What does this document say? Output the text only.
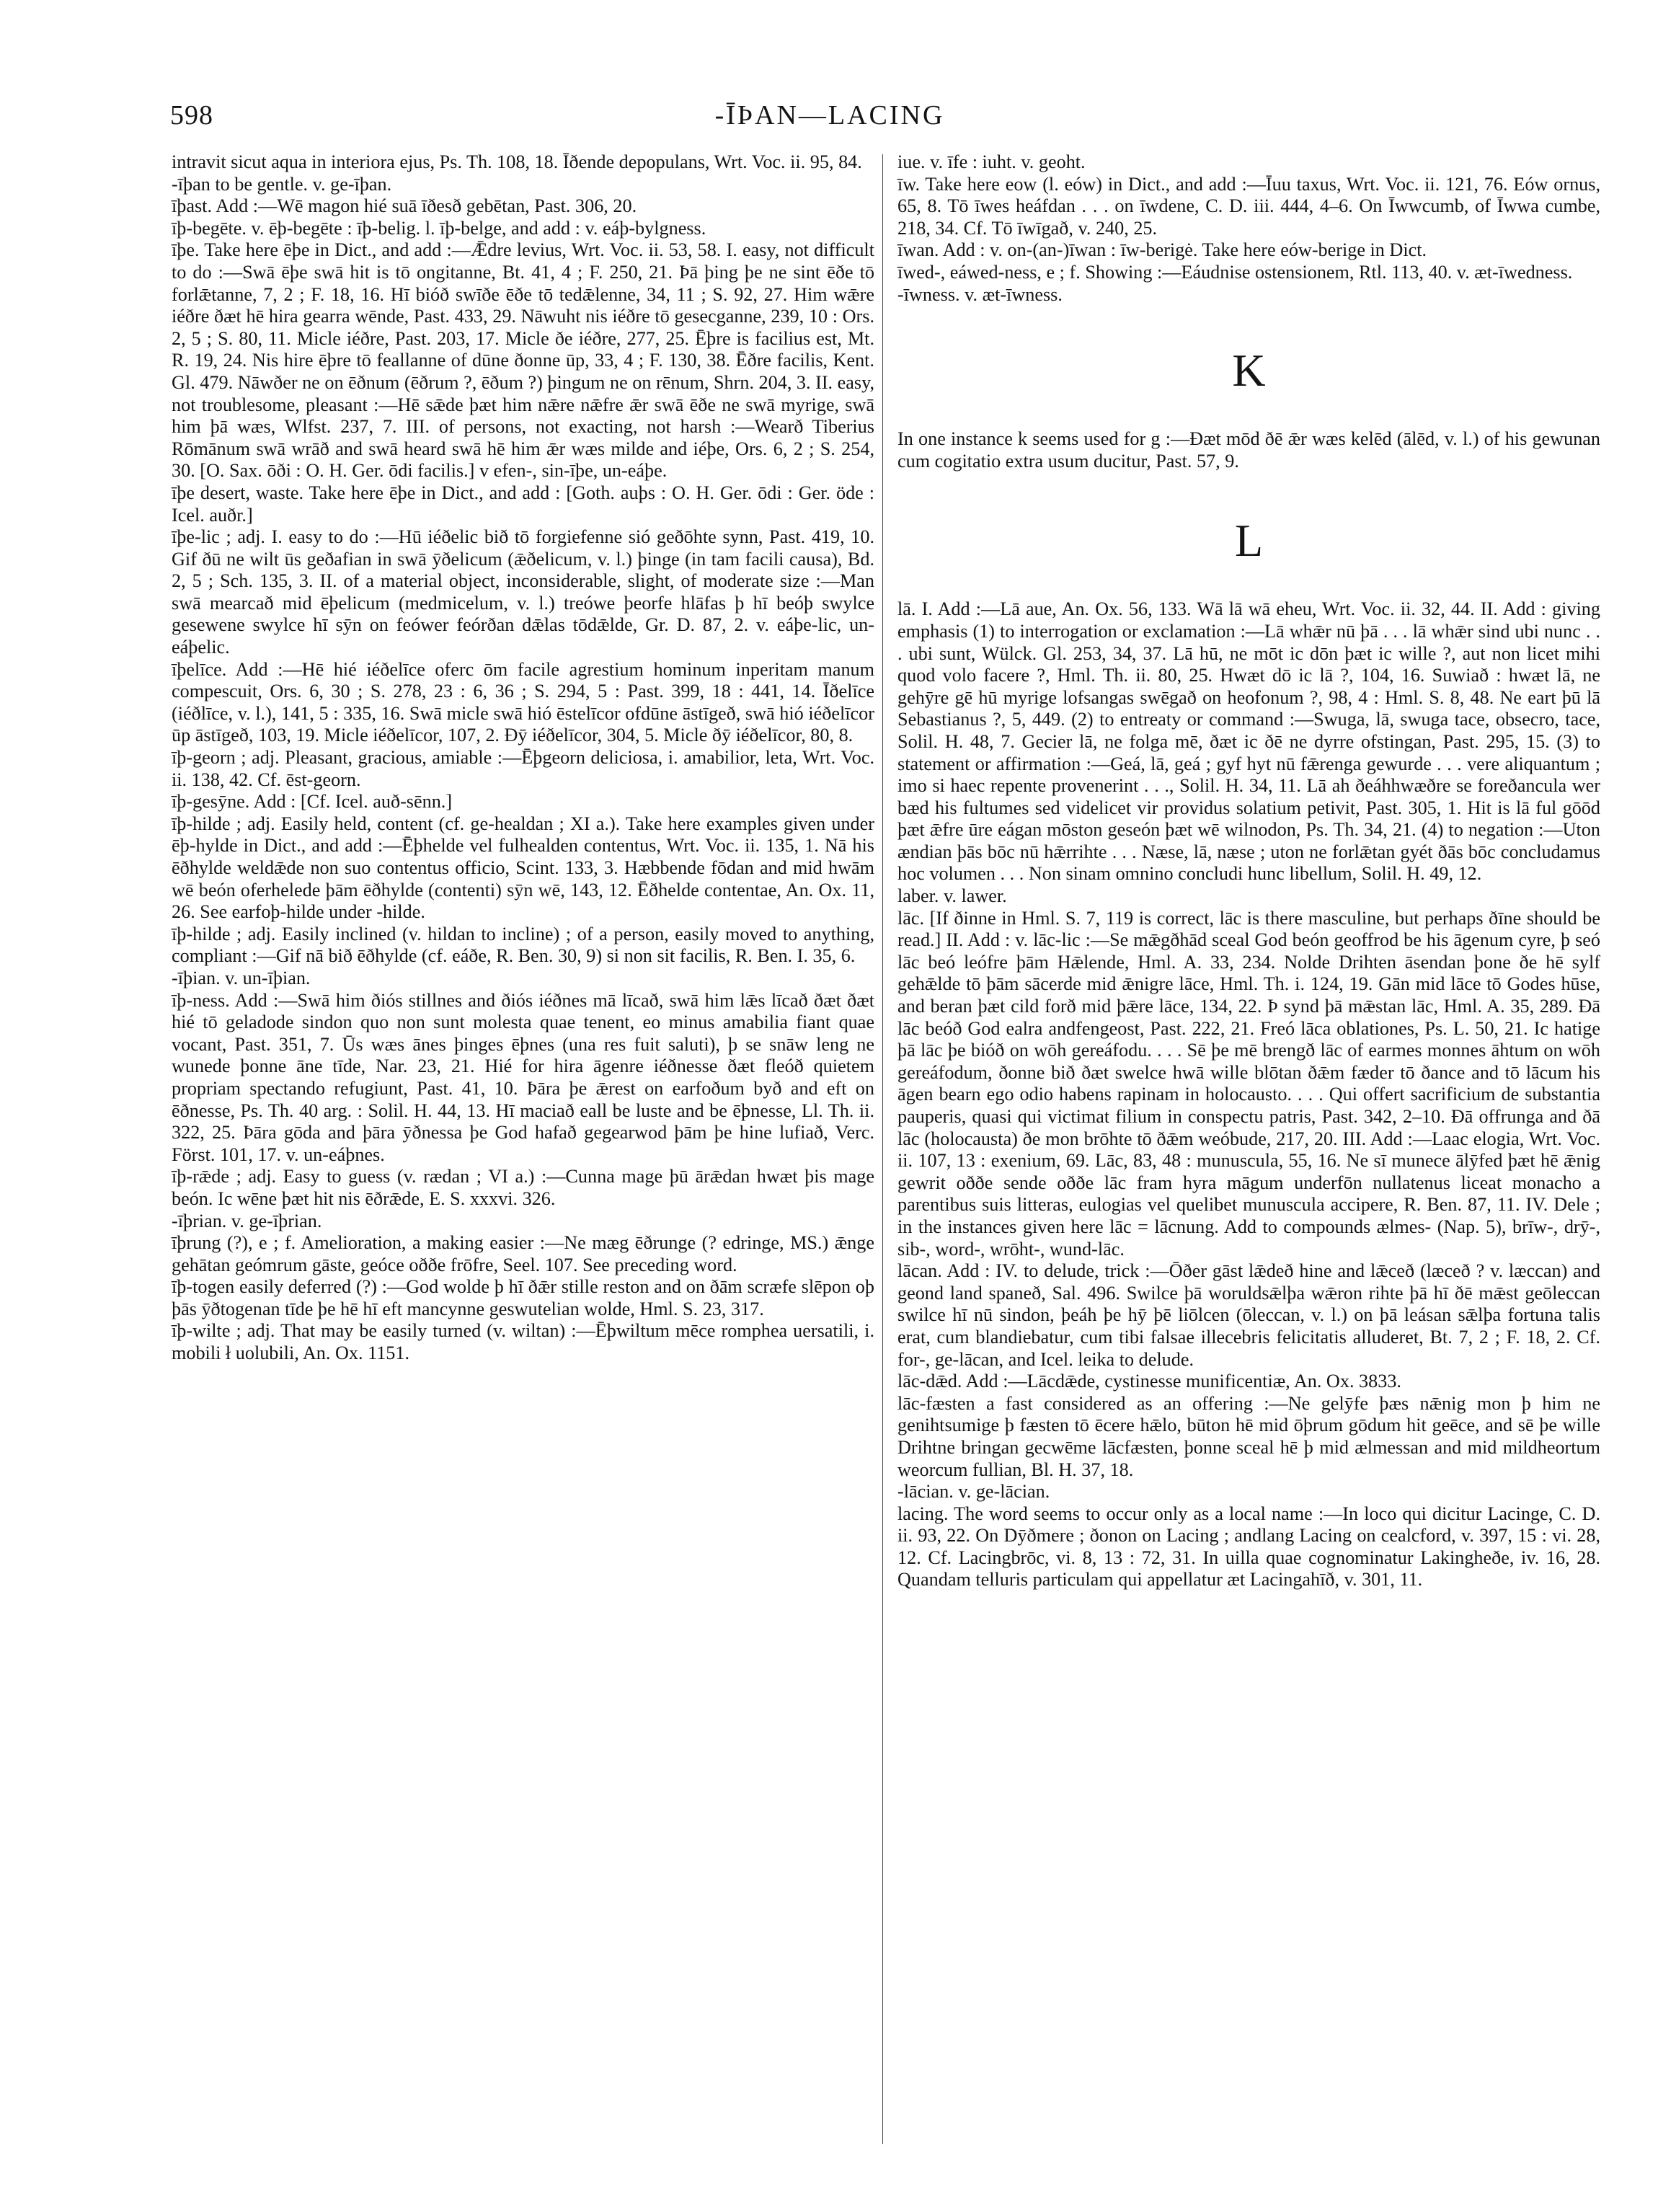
598	-ĪÞAN—LACING

intravit sicut aqua in interiora ejus, Ps. Th. 108, 18. Īðende depopulans, Wrt. Voc. ii. 95, 84.

-īþan to be gentle. v. ge-īþan.

īþast. Add :—Wē magon hié suā īðesð gebētan, Past. 306, 20.

īþ-begēte. v. ēþ-begēte : īþ-belig. l. īþ-belge, and add : v. eáþ-bylgness.

īþe. Take here ēþe in Dict., and add :—Ǣdre levius, Wrt. Voc. ii. 53, 58. I. easy, not difficult to do :—Swā ēþe swā hit is tō ongitanne, Bt. 41, 4 ; F. 250, 21. Þā þing þe ne sint ēðe tō forlǣtanne, 7, 2 ; F. 18, 16. Hī bióð swīðe ēðe tō tedǣlenne, 34, 11 ; S. 92, 27. Him wǣre iéðre ðæt hē hira gearra wēnde, Past. 433, 29. Nāwuht nis iéðre tō gesecganne, 239, 10 : Ors. 2, 5 ; S. 80, 11. Micle iéðre, Past. 203, 17. Micle ðe iéðre, 277, 25. Ēþre is facilius est, Mt. R. 19, 24. Nis hire ēþre tō feallanne of dūne ðonne ūp, 33, 4 ; F. 130, 38. Ēðre facilis, Kent. Gl. 479. Nāwðer ne on ēðnum (ēðrum ?, ēðum ?) þingum ne on rēnum, Shrn. 204, 3. II. easy, not troublesome, pleasant :—Hē sǣde þæt him nǣre nǣfre ǣr swā ēðe ne swā myrige, swā him þā wæs, Wlfst. 237, 7. III. of persons, not exacting, not harsh :—Wearð Tiberius Rōmānum swā wrāð and swā heard swā hē him ǣr wæs milde and iéþe, Ors. 6, 2 ; S. 254, 30. [O. Sax. ōði : O. H. Ger. ōdi facilis.] v efen-, sin-īþe, un-eáþe.

īþe desert, waste. Take here ēþe in Dict., and add : [Goth. auþs : O. H. Ger. ōdi : Ger. öde : Icel. auðr.]

īþe-lic ; adj. I. easy to do :—Hū iéðelic bið tō forgiefenne sió geðōhte synn, Past. 419, 10. Gif ðū ne wilt ūs geðafian in swā ȳðelicum (ǣðelicum, v. l.) þinge (in tam facili causa), Bd. 2, 5 ; Sch. 135, 3. II. of a material object, inconsiderable, slight, of moderate size :—Man swā mearcað mid ēþelicum (medmicelum, v. l.) treówe þeorfe hlāfas þ hī beóþ swylce gesewene swylce hī sȳn on feówer feórðan dǣlas tōdǣlde, Gr. D. 87, 2. v. eáþe-lic, un-eáþelic.

īþelīce. Add :—Hē hié iéðelīce oferc ōm facile agrestium hominum inperitam manum compescuit, Ors. 6, 30 ; S. 278, 23 : 6, 36 ; S. 294, 5 : Past. 399, 18 : 441, 14. Īðelīce (iéðlīce, v. l.), 141, 5 : 335, 16. Swā micle swā hió ēstelīcor ofdūne āstīgeð, swā hió iéðelīcor ūp āstīgeð, 103, 19. Micle iéðelīcor, 107, 2. Ðȳ iéðelīcor, 304, 5. Micle ðȳ iéðelīcor, 80, 8.

īþ-georn ; adj. Pleasant, gracious, amiable :—Ēþgeorn deliciosa, i. amabilior, leta, Wrt. Voc. ii. 138, 42. Cf. ēst-georn.

īþ-gesȳne. Add : [Cf. Icel. auð-sēnn.]

īþ-hilde ; adj. Easily held, content (cf. ge-healdan ; XI a.). Take here examples given under ēþ-hylde in Dict., and add :—Ēþhelde vel fulhealden contentus, Wrt. Voc. ii. 135, 1. Nā his ēðhylde weldǣde non suo contentus officio, Scint. 133, 3. Hæbbende fōdan and mid hwām wē beón oferhelede þām ēðhylde (contenti) sȳn wē, 143, 12. Ēðhelde contentae, An. Ox. 11, 26. See earfoþ-hilde under -hilde.

īþ-hilde ; adj. Easily inclined (v. hildan to incline) ; of a person, easily moved to anything, compliant :—Gif nā bið ēðhylde (cf. eáðe, R. Ben. 30, 9) si non sit facilis, R. Ben. I. 35, 6.

-īþian. v. un-īþian.

īþ-ness. Add :—Swā him ðiós stillnes and ðiós iéðnes mā līcað, swā him lǣs līcað ðæt ðæt hié tō geladode sindon quo non sunt molesta quae tenent, eo minus amabilia fiant quae vocant, Past. 351, 7. Ūs wæs ānes þinges ēþnes (una res fuit saluti), þ se snāw leng ne wunede þonne āne tīde, Nar. 23, 21. Hié for hira āgenre iéðnesse ðæt fleóð quietem propriam spectando refugiunt, Past. 41, 10. Þāra þe ǣrest on earfoðum byð and eft on ēðnesse, Ps. Th. 40 arg. : Solil. H. 44, 13. Hī maciað eall be luste and be ēþnesse, Ll. Th. ii. 322, 25. Þāra gōda and þāra ȳðnessa þe God hafað gegearwod þām þe hine lufiað, Verc. Först. 101, 17. v. un-eáþnes.

īþ-rǣde ; adj. Easy to guess (v. rædan ; VI a.) :—Cunna mage þū ārǣdan hwæt þis mage beón. Ic wēne þæt hit nis ēðrǣde, E. S. xxxvi. 326.

-īþrian. v. ge-īþrian.

īþrung (?), e ; f. Amelioration, a making easier :—Ne mæg ēðrunge (? edringe, MS.) ǣnge gehātan geómrum gāste, geóce oððe frōfre, Seel. 107. See preceding word.

īþ-togen easily deferred (?) :—God wolde þ hī ðǣr stille reston and on ðām scræfe slēpon oþ þās ȳðtogenan tīde þe hē hī eft mancynne geswutelian wolde, Hml. S. 23, 317.

īþ-wilte ; adj. That may be easily turned (v. wiltan) :—Ēþwiltum mēce romphea uersatili, i. mobili ł uolubili, An. Ox. 1151.

iue. v. īfe : iuht. v. geoht.

īw. Take here eow (l. eów) in Dict., and add :—Īuu taxus, Wrt. Voc. ii. 121, 76. Eów ornus, 65, 8. Tō īwes heáfdan . . . on īwdene, C. D. iii. 444, 4–6. On Īwwcumb, of Īwwa cumbe, 218, 34. Cf. Tō īwīgað, v. 240, 25.

īwan. Add : v. on-(an-)īwan : īw-berigė. Take here eów-berige in Dict.

īwed-, eáwed-ness, e ; f. Showing :—Eáudnise ostensionem, Rtl. 113, 40. v. æt-īwedness.

-īwness. v. æt-īwness.

K

In one instance k seems used for g :—Ðæt mōd ðē ǣr wæs kelēd (ālēd, v. l.) of his gewunan cum cogitatio extra usum ducitur, Past. 57, 9.

L

lā. I. Add :—Lā aue, An. Ox. 56, 133. Wā lā wā eheu, Wrt. Voc. ii. 32, 44. II. Add : giving emphasis (1) to interrogation or exclamation :—Lā whǣr nū þā . . . lā whǣr sind ubi nunc . . . ubi sunt, Wülck. Gl. 253, 34, 37. Lā hū, ne mōt ic dōn þæt ic wille ?, aut non licet mihi quod volo facere ?, Hml. Th. ii. 80, 25. Hwæt dō ic lā ?, 104, 16. Suwiað : hwæt lā, ne gehȳre gē hū myrige lofsangas swēgað on heofonum ?, 98, 4 : Hml. S. 8, 48. Ne eart þū lā Sebastianus ?, 5, 449. (2) to entreaty or command :—Swuga, lā, swuga tace, obsecro, tace, Solil. H. 48, 7. Gecier lā, ne folga mē, ðæt ic ðē ne dyrre ofstingan, Past. 295, 15. (3) to statement or affirmation :—Geá, lā, geá ; gyf hyt nū fǣrenga gewurde . . . vere aliquantum ; imo si haec repente provenerint . . ., Solil. H. 34, 11. Lā ah ðeáhhwæðre se foreðancula wer bæd his fultumes sed videlicet vir providus solatium petivit, Past. 305, 1. Hit is lā ful gōōd þæt ǣfre ūre eágan mōston geseón þæt wē wilnodon, Ps. Th. 34, 21. (4) to negation :—Uton ændian þās bōc nū hǣrrihte . . . Næse, lā, næse ; uton ne forlǣtan gyét ðās bōc concludamus hoc volumen . . . Non sinam omnino concludi hunc libellum, Solil. H. 49, 12.

laber. v. lawer.

lāc. [If ðinne in Hml. S. 7, 119 is correct, lāc is there masculine, but perhaps ðīne should be read.] II. Add : v. lāc-lic :—Se mǣgðhād sceal God beón geoffrod be his āgenum cyre, þ seó lāc beó leófre þām Hǣlende, Hml. A. 33, 234. Nolde Drihten āsendan þone ðe hē sylf gehǣlde tō þām sācerde mid ǣnigre lāce, Hml. Th. i. 124, 19. Gān mid lāce tō Godes hūse, and beran þæt cild forð mid þǣre lāce, 134, 22. Þ synd þā mǣstan lāc, Hml. A. 35, 289. Ðā lāc beóð God ealra andfengeost, Past. 222, 21. Freó lāca oblationes, Ps. L. 50, 21. Ic hatige þā lāc þe bióð on wōh gereáfodu. . . . Sē þe mē brengð lāc of earmes monnes āhtum on wōh gereáfodum, ðonne bið ðæt swelce hwā wille blōtan ðǣm fæder tō ðance and tō lācum his āgen bearn ego odio habens rapinam in holocausto. . . . Qui offert sacrificium de substantia pauperis, quasi qui victimat filium in conspectu patris, Past. 342, 2–10. Ðā offrunga and ðā lāc (holocausta) ðe mon brōhte tō ðǣm weóbude, 217, 20. III. Add :—Laac elogia, Wrt. Voc. ii. 107, 13 : exenium, 69. Lāc, 83, 48 : munuscula, 55, 16. Ne sī munece ālȳfed þæt hē ǣnig gewrit oððe sende oððe lāc fram hyra māgum underfōn nullatenus liceat monacho a parentibus suis litteras, eulogias vel quelibet munuscula accipere, R. Ben. 87, 11. IV. Dele ; in the instances given here lāc = lācnung. Add to compounds ælmes- (Nap. 5), brīw-, drȳ-, sib-, word-, wrōht-, wund-lāc.

lācan. Add : IV. to delude, trick :—Ōðer gāst lǣdeð hine and lǣceð (læceð ? v. læccan) and geond land spaneð, Sal. 496. Swilce þā woruldsǣlþa wǣron rihte þā hī ðē mǣst geōleccan swilce hī nū sindon, þeáh þe hȳ þē liōlcen (ōleccan, v. l.) on þā leásan sǣlþa fortuna talis erat, cum blandiebatur, cum tibi falsae illecebris felicitatis alluderet, Bt. 7, 2 ; F. 18, 2. Cf. for-, ge-lācan, and Icel. leika to delude.

lāc-dǣd. Add :—Lācdǣde, cystinesse munificentiæ, An. Ox. 3833.

lāc-fæsten a fast considered as an offering :—Ne gelȳfe þæs nǣnig mon þ him ne genihtsumige þ fæsten tō ēcere hǣlo, būton hē mid ōþrum gōdum hit geēce, and sē þe wille Drihtne bringan gecwēme lācfæsten, þonne sceal hē þ mid ælmessan and mid mildheortum weorcum fullian, Bl. H. 37, 18.

-lācian. v. ge-lācian.

lacing. The word seems to occur only as a local name :—In loco qui dicitur Lacinge, C. D. ii. 93, 22. On Dȳðmere ; ðonon on Lacing ; andlang Lacing on cealcford, v. 397, 15 : vi. 28, 12. Cf. Lacingbrōc, vi. 8, 13 : 72, 31. In uilla quae cognominatur Lakinghеðe, iv. 16, 28. Quandam telluris particulam qui appellatur æt Lacingahīð, v. 301, 11.
